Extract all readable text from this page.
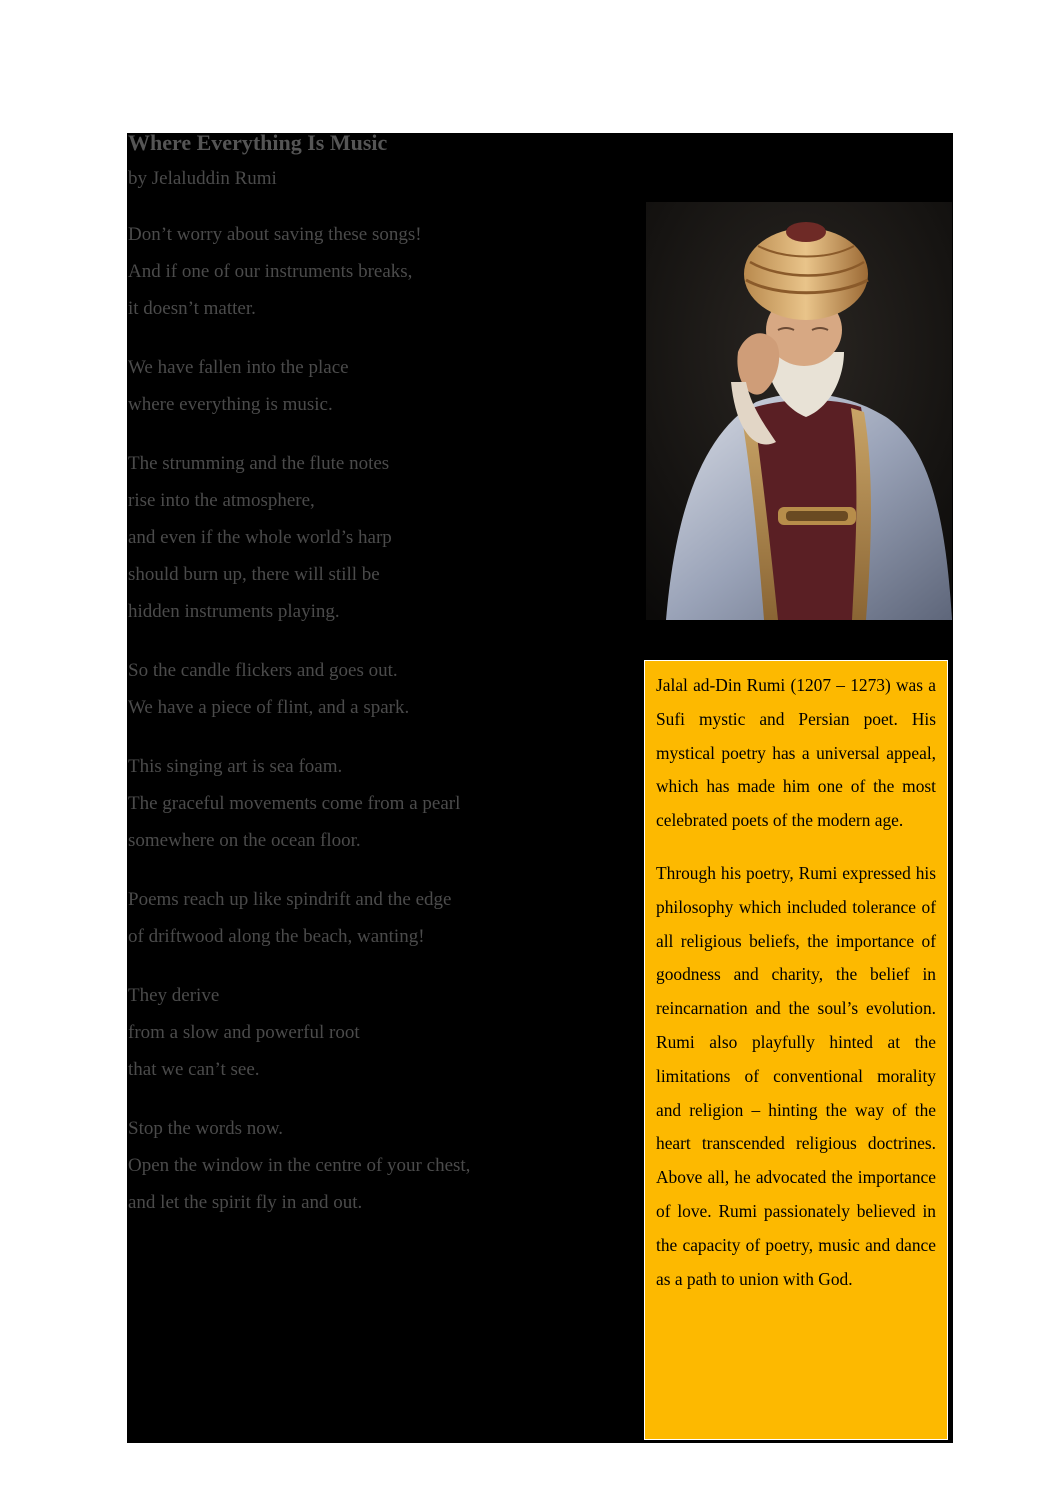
Where Everything Is Music

by Jelaluddin Rumi

Don’t worry about saving these songs!
And if one of our instruments breaks,
it doesn’t matter.
We have fallen into the place
where everything is music.
The strumming and the flute notes
rise into the atmosphere,
and even if the whole world’s harp
should burn up, there will still be
hidden instruments playing.
So the candle flickers and goes out.
We have a piece of flint, and a spark.
This singing art is sea foam.
The graceful movements come from a pearl
somewhere on the ocean floor.
Poems reach up like spindrift and the edge
of driftwood along the beach, wanting!
They derive
from a slow and powerful root
that we can’t see.
Stop the words now.
Open the window in the centre of your chest,
and let the spirit fly in and out.

Jalal ad-Din Rumi (1207 – 1273) was a Sufi mystic and Persian poet. His mystical poetry has a universal appeal, which has made him one of the most celebrated poets of the modern age.

Through his poetry, Rumi expressed his philosophy which included tolerance of all religious beliefs, the importance of goodness and charity, the belief in reincarnation and the soul’s evolution. Rumi also playfully hinted at the limitations of conventional morality and religion – hinting the way of the heart transcended religious doctrines. Above all, he advocated the importance of love. Rumi passionately believed in the capacity of poetry, music and dance as a path to union with God.
